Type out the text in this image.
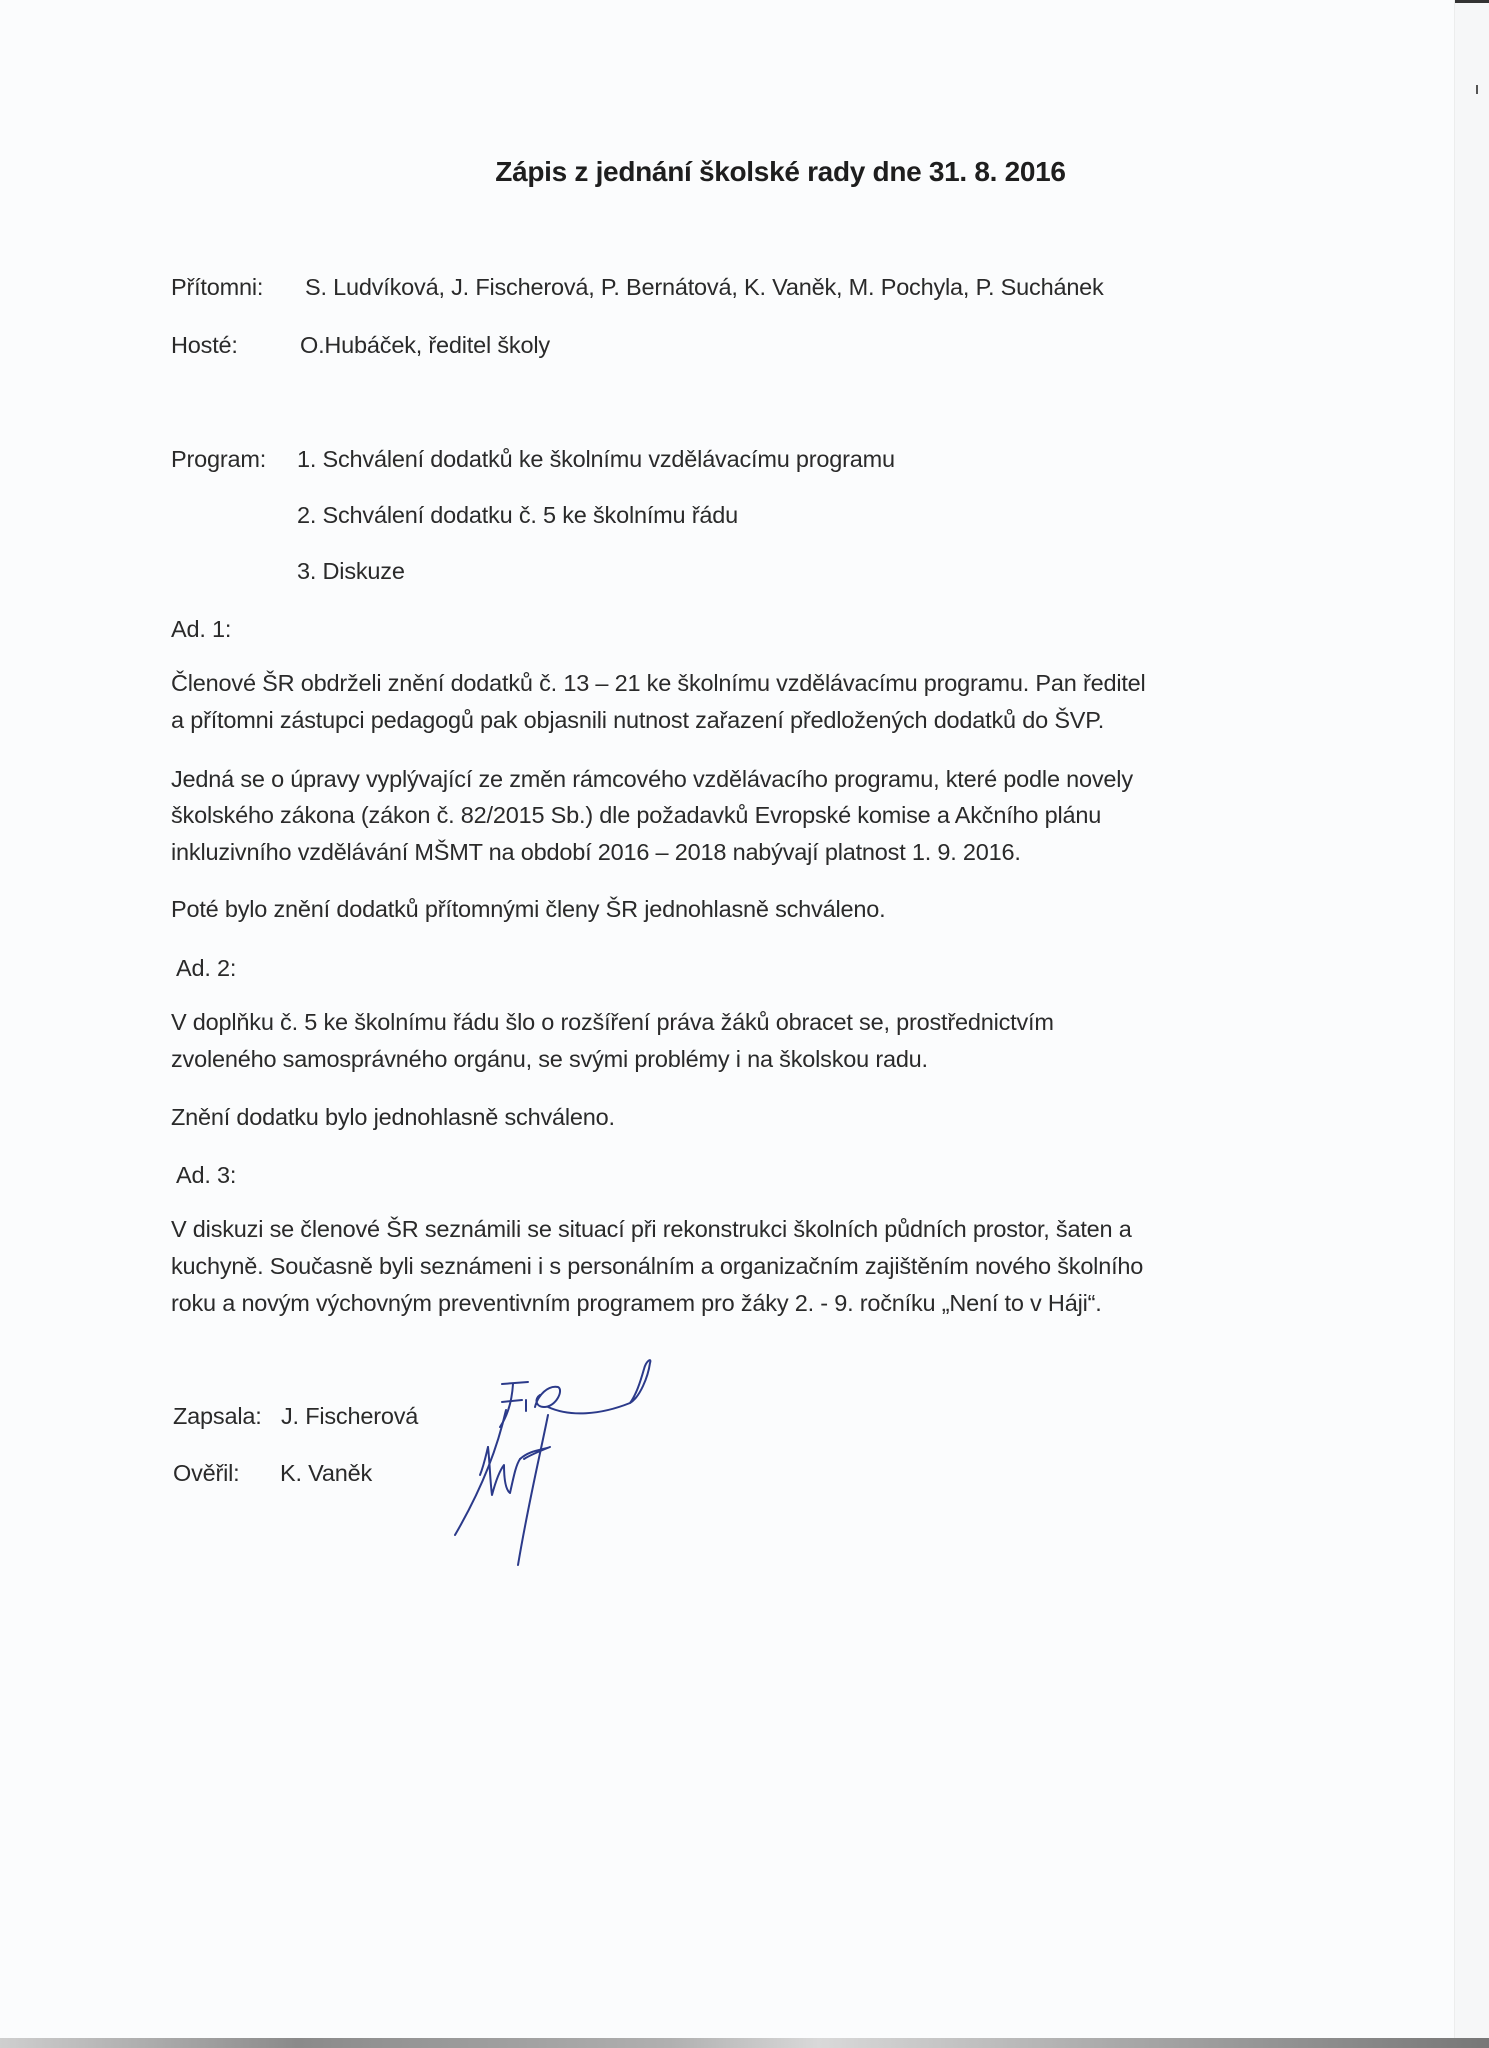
Zápis z jednání školské rady dne 31. 8. 2016
Přítomni: S. Ludvíková, J. Fischerová, P. Bernátová, K. Vaněk, M. Pochyla, P. Suchánek
Hosté:	O.Hubáček, ředitel školy
Program: 1. Schválení dodatků ke školnímu vzdělávacímu programu
2. Schválení dodatku č. 5 ke školnímu řádu
3. Diskuze
Ad. 1:
Členové ŠR obdrželi znění dodatků č. 13 – 21 ke školnímu vzdělávacímu programu. Pan ředitel
a přítomni zástupci pedagogů pak objasnili nutnost zařazení předložených dodatků do ŠVP.
Jedná se o úpravy vyplývající ze změn rámcového vzdělávacího programu, které podle novely
školského zákona (zákon č. 82/2015 Sb.) dle požadavků Evropské komise a Akčního plánu
inkluzivního vzdělávání MŠMT na období 2016 – 2018 nabývají platnost 1. 9. 2016.
Poté bylo znění dodatků přítomnými členy ŠR jednohlasně schváleno.
Ad. 2:
V doplňku č. 5 ke školnímu řádu šlo o rozšíření práva žáků obracet se, prostřednictvím
zvoleného samosprávného orgánu, se svými problémy i na školskou radu.
Znění dodatku bylo jednohlasně schváleno.
Ad. 3:
V diskuzi se členové ŠR seznámili se situací při rekonstrukci školních půdních prostor, šaten a
kuchyně. Současně byli seznámeni i s personálním a organizačním zajištěním nového školního
roku a novým výchovným preventivním programem pro žáky 2. - 9. ročníku „Není to v Háji“.
Zapsala: J. Fischerová
Ověřil: K. Vaněk
